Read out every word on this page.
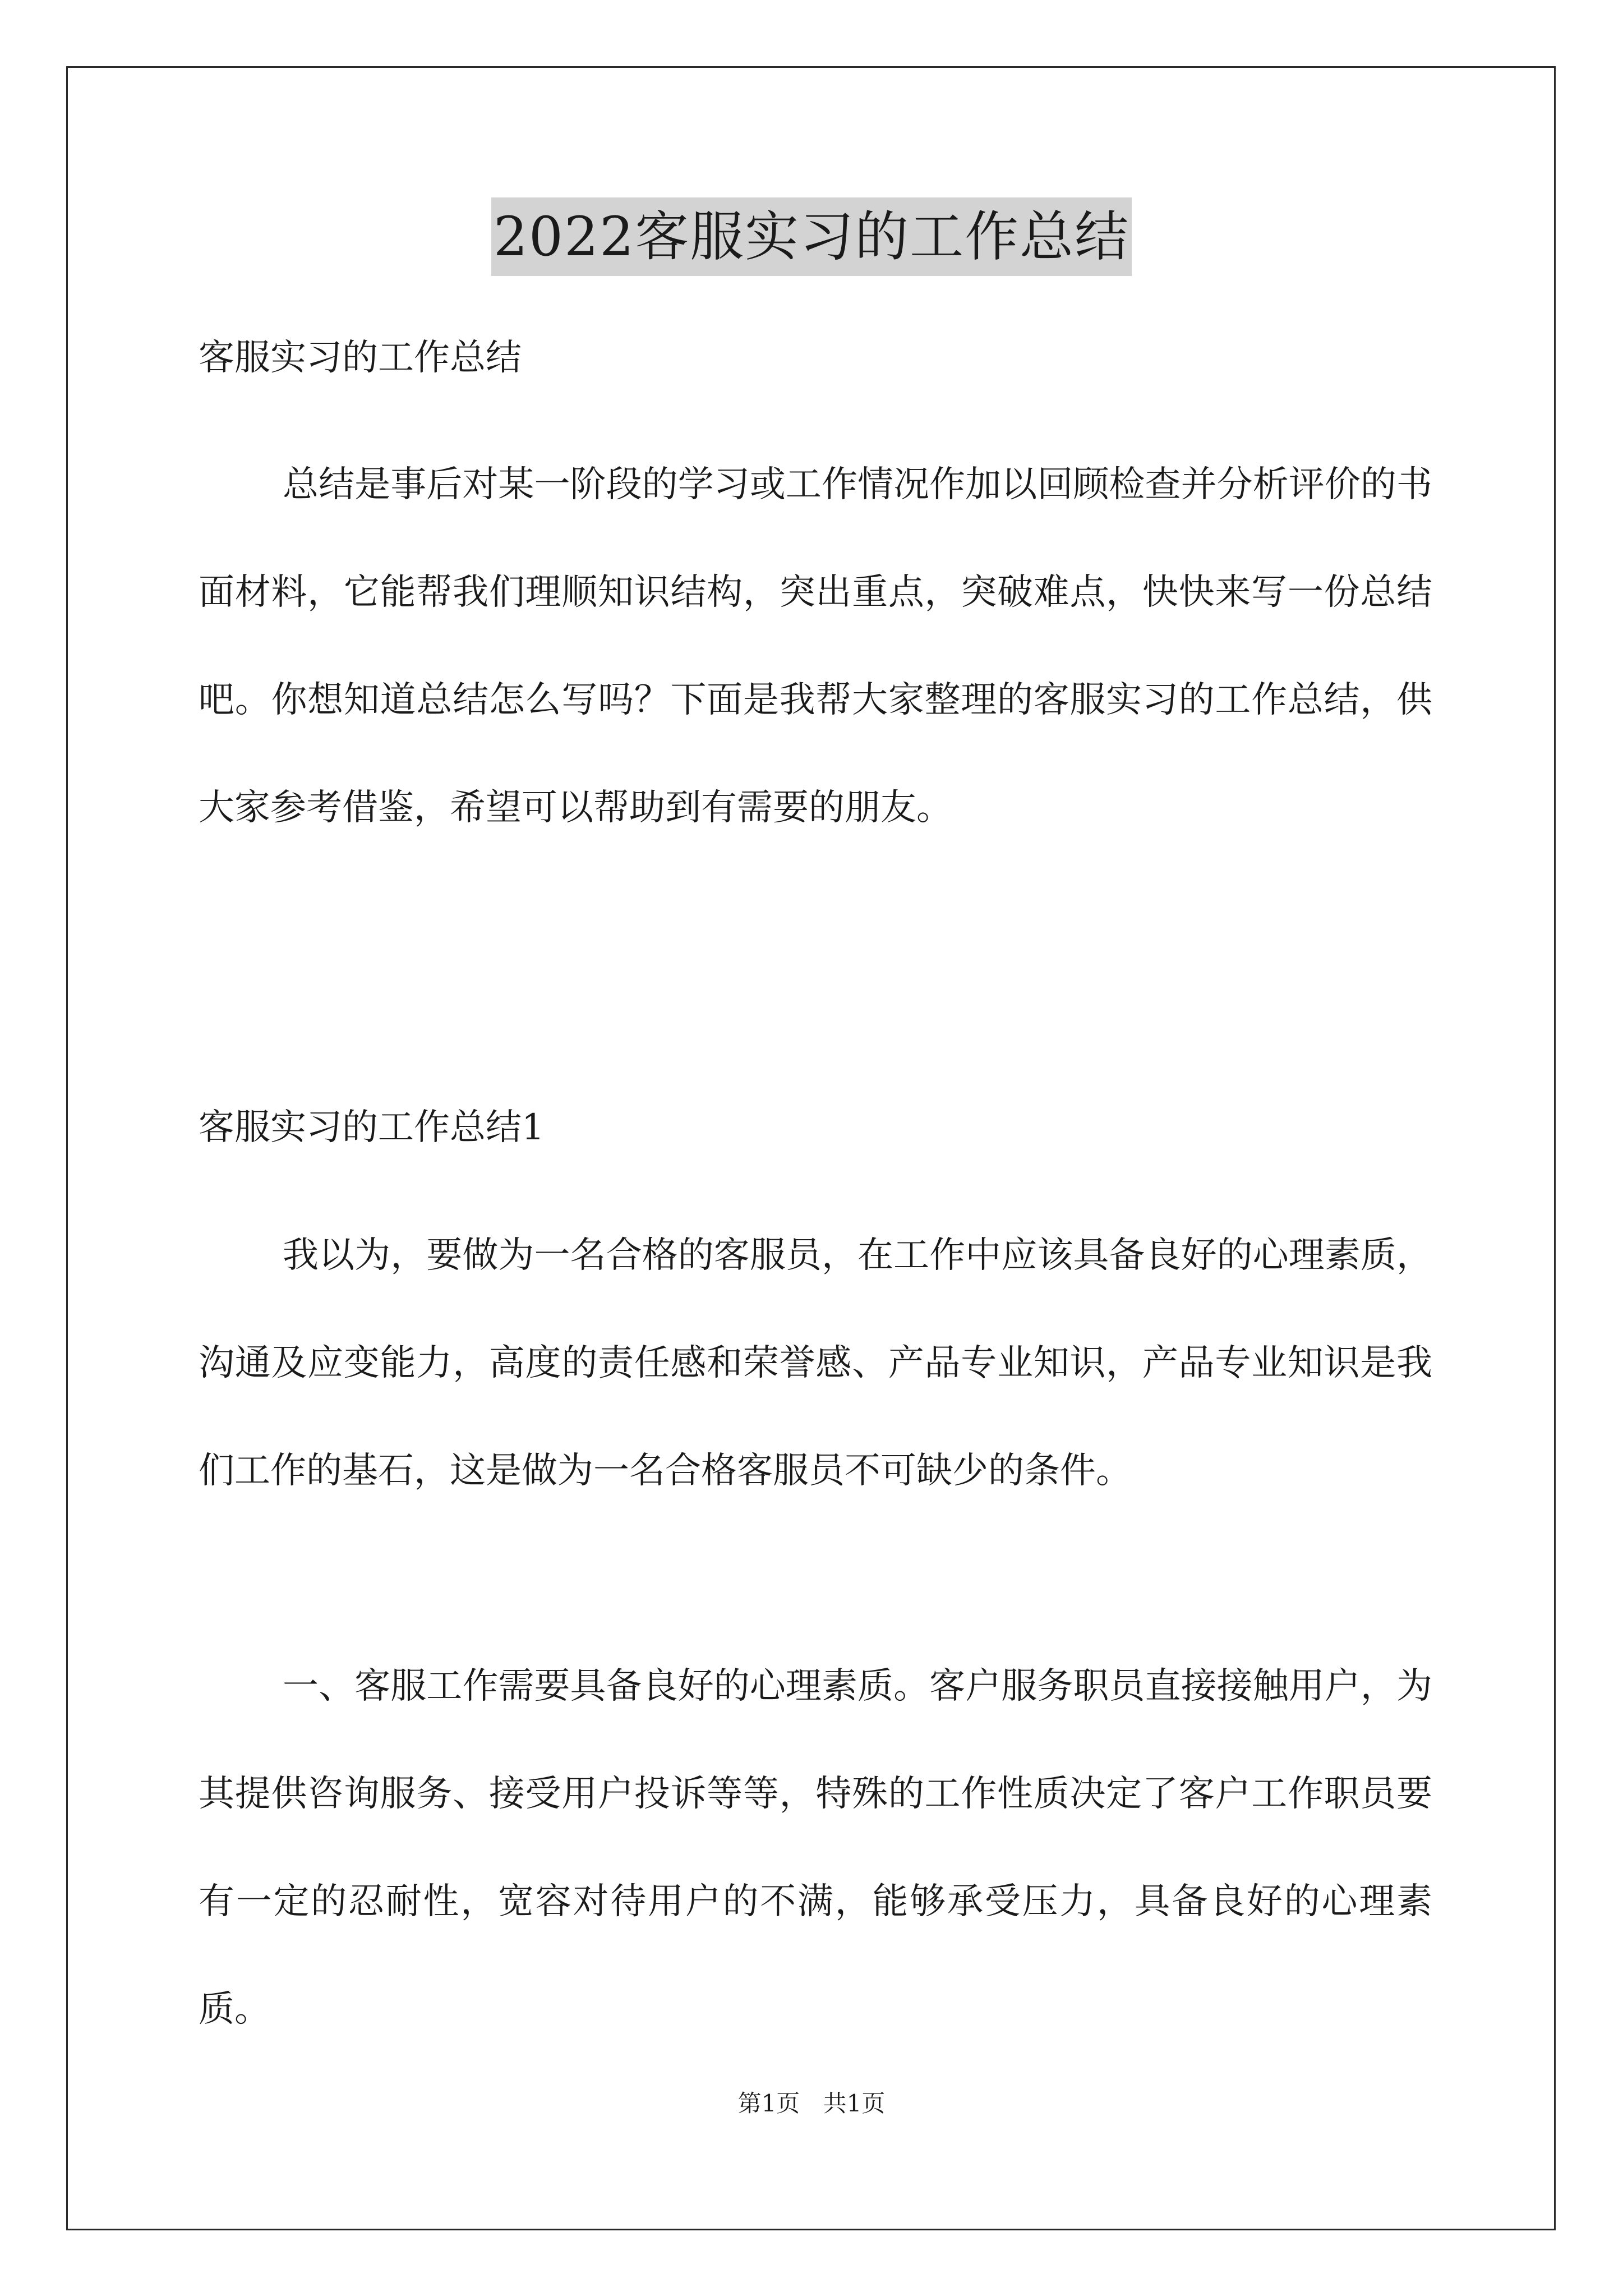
2022客服实习的工作总结
客服实习的工作总结
总结是事后对某一阶段的学习或工作情况作加以回顾检查并分析评价的书面材料，它能帮我们理顺知识结构，突出重点，突破难点，快快来写一份总结吧。你想知道总结怎么写吗？下面是我帮大家整理的客服实习的工作总结，供大家参考借鉴，希望可以帮助到有需要的朋友。
客服实习的工作总结1
我以为，要做为一名合格的客服员，在工作中应该具备良好的心理素质，沟通及应变能力，高度的责任感和荣誉感、产品专业知识，产品专业知识是我们工作的基石，这是做为一名合格客服员不可缺少的条件。
一、客服工作需要具备良好的心理素质。客户服务职员直接接触用户，为其提供咨询服务、接受用户投诉等等，特殊的工作性质决定了客户工作职员要有一定的忍耐性，宽容对待用户的不满，能够承受压力，具备良好的心理素质。
第1页 共1页
